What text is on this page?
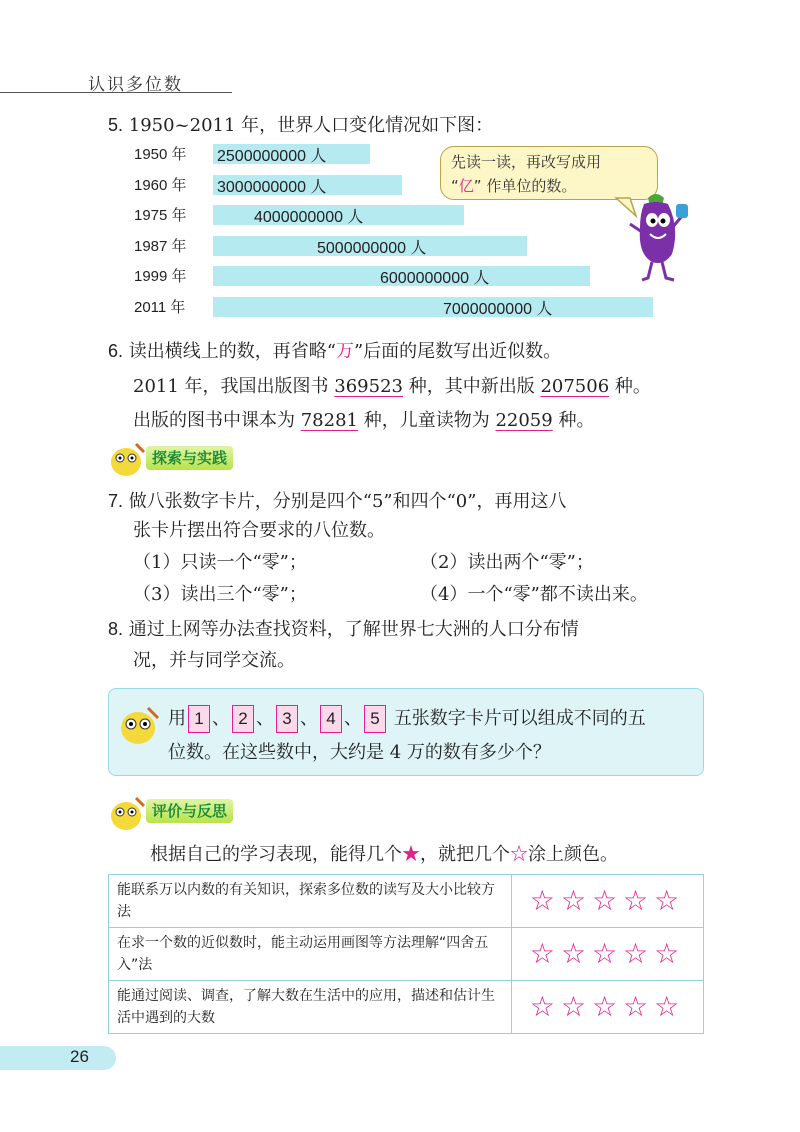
认识多位数
5. 1950~2011 年，世界人口变化情况如下图：
1950 年	2500000000 人
1960 年	3000000000 人
1975 年	4000000000 人
1987 年	5000000000 人
1999 年	6000000000 人
2011 年	7000000000 人
先读一读，再改写成用
“亿” 作单位的数。
6. 读出横线上的数，再省略“万”后面的尾数写出近似数。
2011 年，我国出版图书 369523 种，其中新出版 207506 种。
出版的图书中课本为 78281 种，儿童读物为 22059 种。
探索与实践
7. 做八张数字卡片，分别是四个“5”和四个“0”，再用这八
张卡片摆出符合要求的八位数。
（1）只读一个“零”；	（2）读出两个“零”；
（3）读出三个“零”；	（4）一个“零”都不读出来。
8. 通过上网等办法查找资料，了解世界七大洲的人口分布情
况，并与同学交流。
用 1 、 2 、 3 、 4 、 5 五张数字卡片可以组成不同的五
位数。在这些数中，大约是 4 万的数有多少个？
评价与反思
根据自己的学习表现，能得几个★，就把几个☆涂上颜色。
能联系万以内数的有关知识，探索多位数的读写及大小比较方法	☆☆☆☆☆
在求一个数的近似数时，能主动运用画图等方法理解“四舍五入”法	☆☆☆☆☆
能通过阅读、调查，了解大数在生活中的应用，描述和估计生活中遇到的大数	☆☆☆☆☆
26
